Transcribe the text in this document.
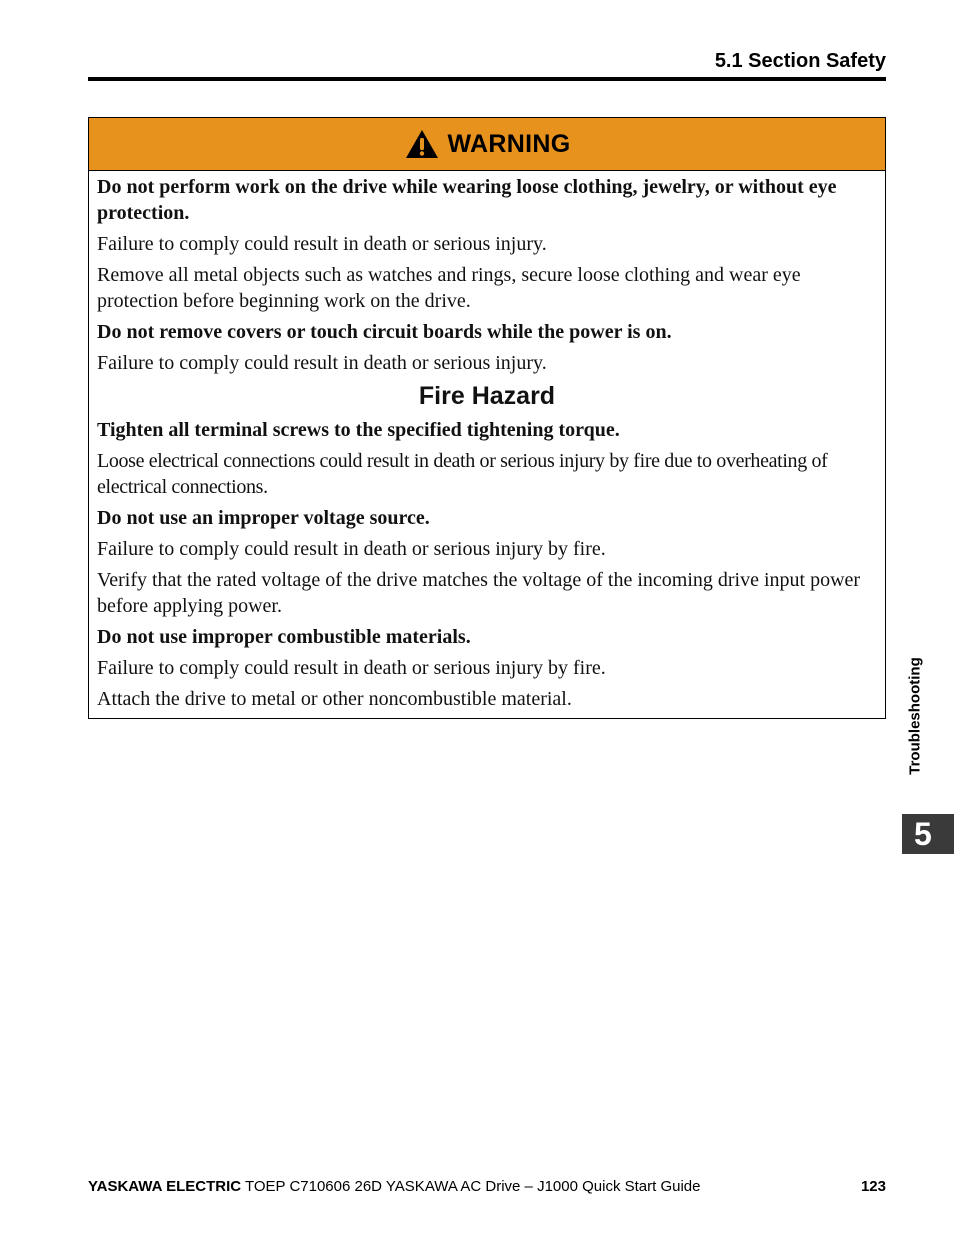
5.1 Section Safety
WARNING

Do not perform work on the drive while wearing loose clothing, jewelry, or without eye protection.

Failure to comply could result in death or serious injury.

Remove all metal objects such as watches and rings, secure loose clothing and wear eye protection before beginning work on the drive.

Do not remove covers or touch circuit boards while the power is on.

Failure to comply could result in death or serious injury.

Fire Hazard

Tighten all terminal screws to the specified tightening torque.

Loose electrical connections could result in death or serious injury by fire due to overheating of electrical connections.

Do not use an improper voltage source.

Failure to comply could result in death or serious injury by fire.

Verify that the rated voltage of the drive matches the voltage of the incoming drive input power before applying power.

Do not use improper combustible materials.

Failure to comply could result in death or serious injury by fire.

Attach the drive to metal or other noncombustible material.	Troubleshooting
5
YASKAWA ELECTRIC TOEP C710606 26D YASKAWA AC Drive – J1000 Quick Start Guide	123
